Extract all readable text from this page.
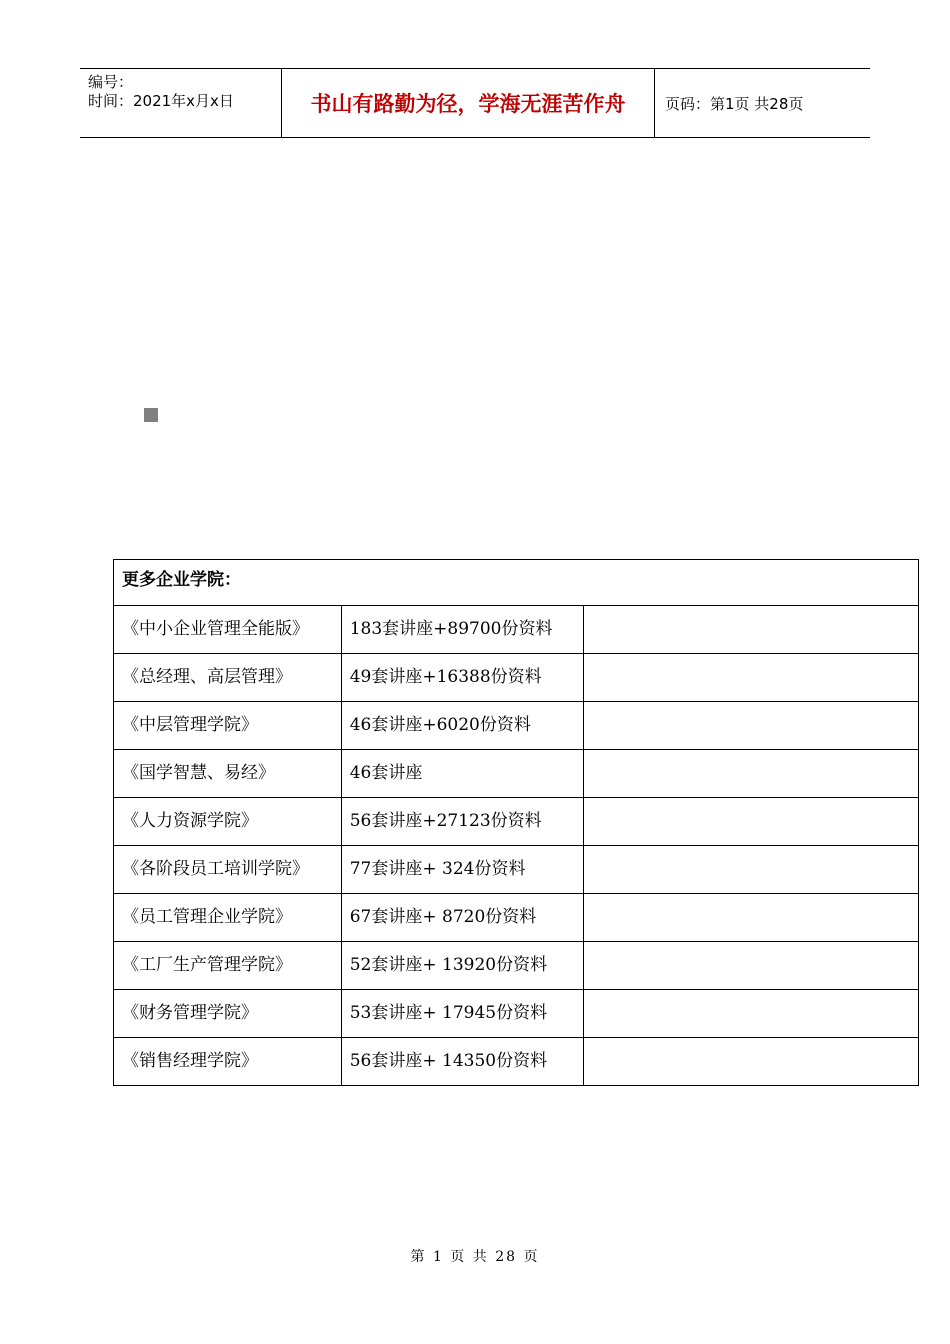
编号：
时间：2021年x月x日	书山有路勤为径，学海无涯苦作舟	页码：第1页 共28页
更多企业学院：		
《中小企业管理全能版》	183套讲座+89700份资料	
《总经理、高层管理》	49套讲座+16388份资料	
《中层管理学院》	46套讲座+6020份资料	
《国学智慧、易经》	46套讲座	
《人力资源学院》	56套讲座+27123份资料	
《各阶段员工培训学院》	77套讲座+ 324份资料	
《员工管理企业学院》	67套讲座+ 8720份资料	
《工厂生产管理学院》	52套讲座+ 13920份资料	
《财务管理学院》	53套讲座+ 17945份资料	
《销售经理学院》	56套讲座+ 14350份资料	
第 1 页 共 28 页
